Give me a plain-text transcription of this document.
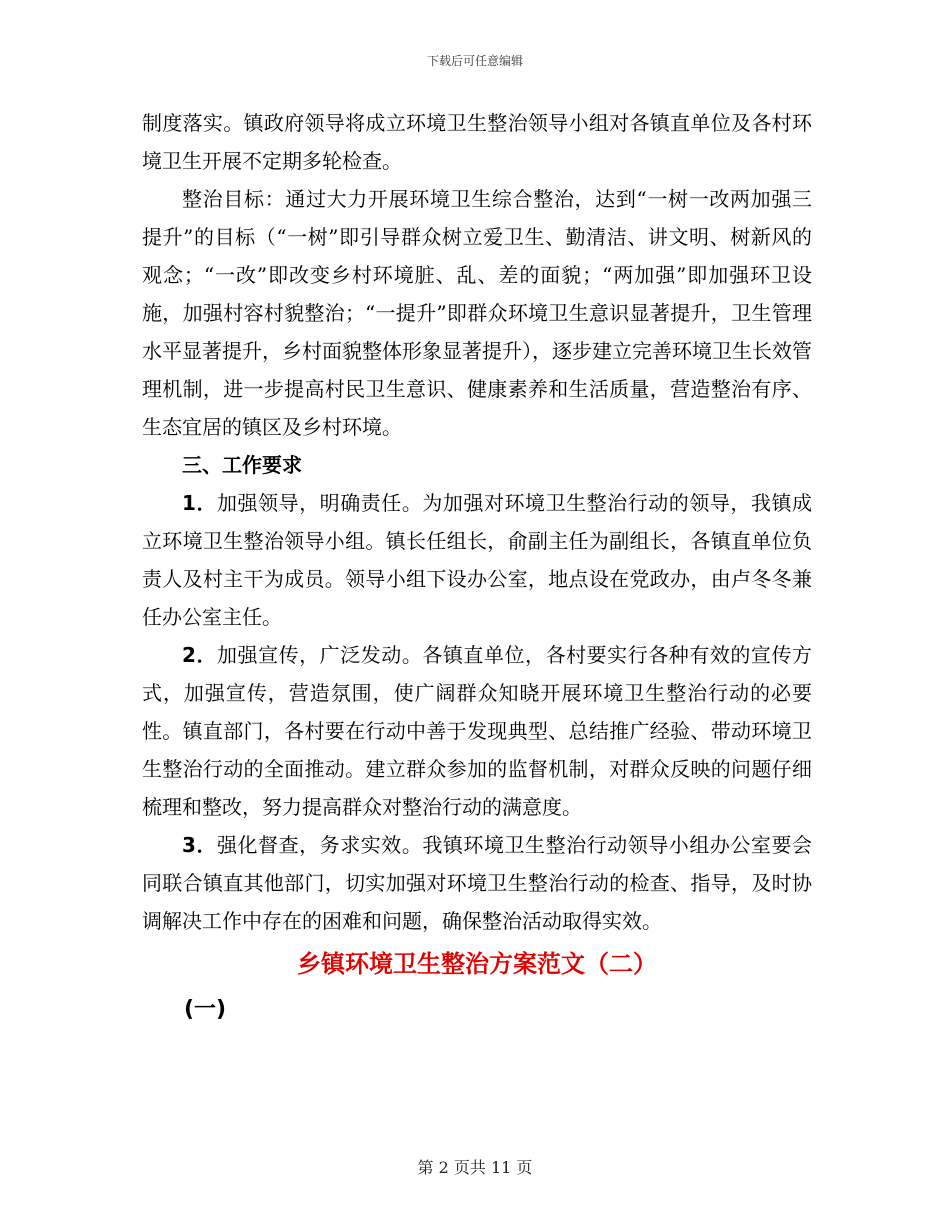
下载后可任意编辑

制度落实。镇政府领导将成立环境卫生整治领导小组对各镇直单位及各村环境卫生开展不定期多轮检查。

整治目标：通过大力开展环境卫生综合整治，达到“一树一改两加强三提升”的目标（“一树”即引导群众树立爱卫生、勤清洁、讲文明、树新风的观念；“一改”即改变乡村环境脏、乱、差的面貌；“两加强”即加强环卫设施，加强村容村貌整治；“一提升”即群众环境卫生意识显著提升，卫生管理水平显著提升，乡村面貌整体形象显著提升），逐步建立完善环境卫生长效管理机制，进一步提高村民卫生意识、健康素养和生活质量，营造整治有序、生态宜居的镇区及乡村环境。

三、工作要求

1．加强领导，明确责任。为加强对环境卫生整治行动的领导，我镇成立环境卫生整治领导小组。镇长任组长，俞副主任为副组长，各镇直单位负责人及村主干为成员。领导小组下设办公室，地点设在党政办，由卢冬冬兼任办公室主任。

2．加强宣传，广泛发动。各镇直单位，各村要实行各种有效的宣传方式，加强宣传，营造氛围，使广阔群众知晓开展环境卫生整治行动的必要性。镇直部门，各村要在行动中善于发现典型、总结推广经验、带动环境卫生整治行动的全面推动。建立群众参加的监督机制，对群众反映的问题仔细梳理和整改，努力提高群众对整治行动的满意度。

3．强化督查，务求实效。我镇环境卫生整治行动领导小组办公室要会同联合镇直其他部门，切实加强对环境卫生整治行动的检查、指导，及时协调解决工作中存在的困难和问题，确保整治活动取得实效。

乡镇环境卫生整治方案范文（二）

(一)

第 2 页共 11 页
